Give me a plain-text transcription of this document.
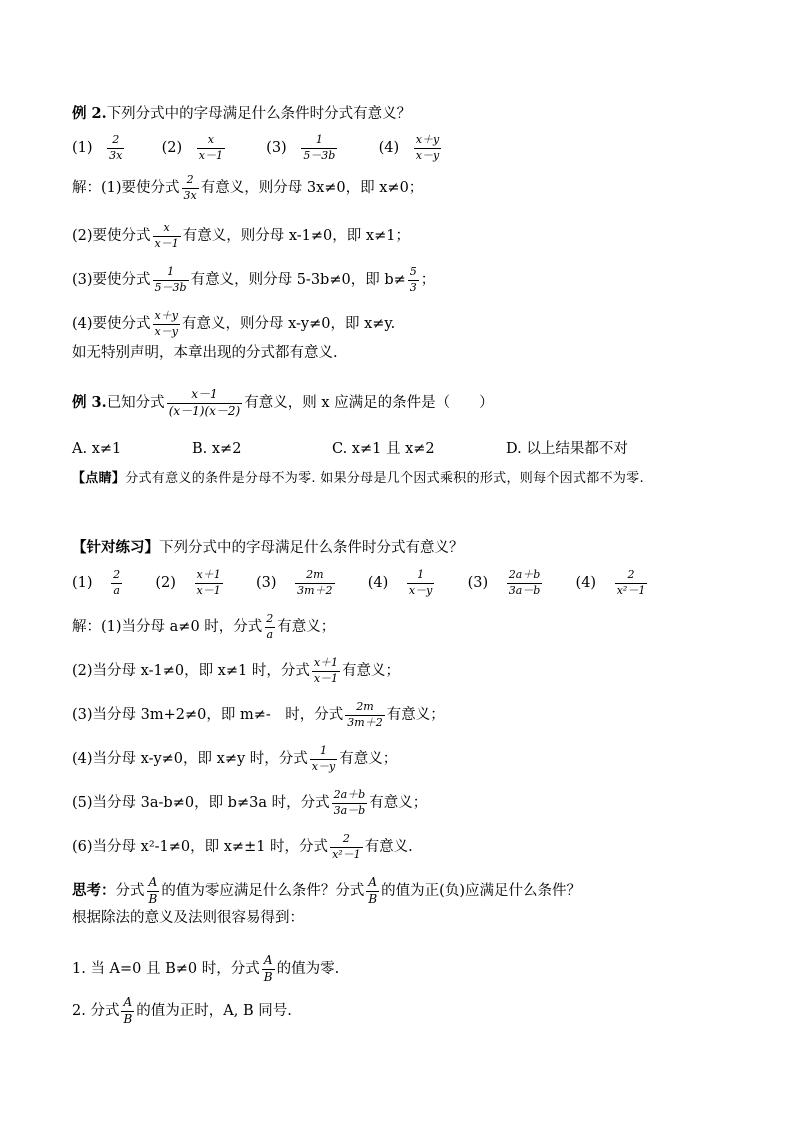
例 2.下列分式中的字母满足什么条件时分式有意义？
$(1) \frac{2}{3x}$	$(2) \frac{x}{x-1}$	$(3) \frac{1}{5-3b}$	$(4) \frac{x+y}{x-y}$
解：(1)要使分式 $\frac{2}{3x}$ 有意义，则分母 3x≠0，即 x≠0；
(2)要使分式 $\frac{x}{x-1}$ 有意义，则分母 x-1≠0，即 x≠1；
(3)要使分式 $\frac{1}{5-3b}$ 有意义，则分母 5-3b≠0，即 $b\ne \frac{5}{3}$ ；
(4)要使分式 $\frac{x+y}{x-y}$ 有意义，则分母 x-y≠0，即 x≠y.
如无特别声明，本章出现的分式都有意义.
例 3.已知分式 $\frac{x-1}{(x-1)(x-2)}$ 有意义，则 x 应满足的条件是（　　）
A. x≠1	B. x≠2	C. x≠1 且 x≠2	D. 以上结果都不对
【点睛】分式有意义的条件是分母不为零. 如果分母是几个因式乘积的形式，则每个因式都不为零.
【针对练习】下列分式中的字母满足什么条件时分式有意义？
$(1) \frac{2}{a} (2) \frac{x+1}{x-1} (3) \frac{2m}{3m+2} (4) \frac{1}{x-y} (3) \frac{2a+b}{3a-b} (4) \frac{2}{\text{x²－1}}$
解：(1)当分母 a≠0 时，分式 $\frac{2}{a}$ 有意义；
(2)当分母 x-1≠0，即 x≠1 时，分式 $\frac{x+1}{x-1}$ 有意义；
(3)当分母 3m+2≠0，即 m≠-　时，分式 $\frac{2m}{3m+2}$ 有意义；
(4)当分母 x-y≠0，即 x≠y 时，分式 $\frac{1}{x-y}$ 有意义；
(5)当分母 3a-b≠0，即 b≠3a 时，分式 $\frac{2a+b}{3a-b}$ 有意义；
(6)当分母 x²-1≠0，即 x≠±1 时，分式 $\frac{2}{\text{x²－1}}$ 有意义.
思考：分式 $\frac{A}{B}$ 的值为零应满足什么条件？分式 $\frac{A}{B}$ 的值为正(负)应满足什么条件？
根据除法的意义及法则很容易得到：
1. 当 A=0 且 B≠0 时，分式 $\frac{A}{B}$ 的值为零.
2. 分式 $\frac{A}{B}$ 的值为正时，A, B 同号.
